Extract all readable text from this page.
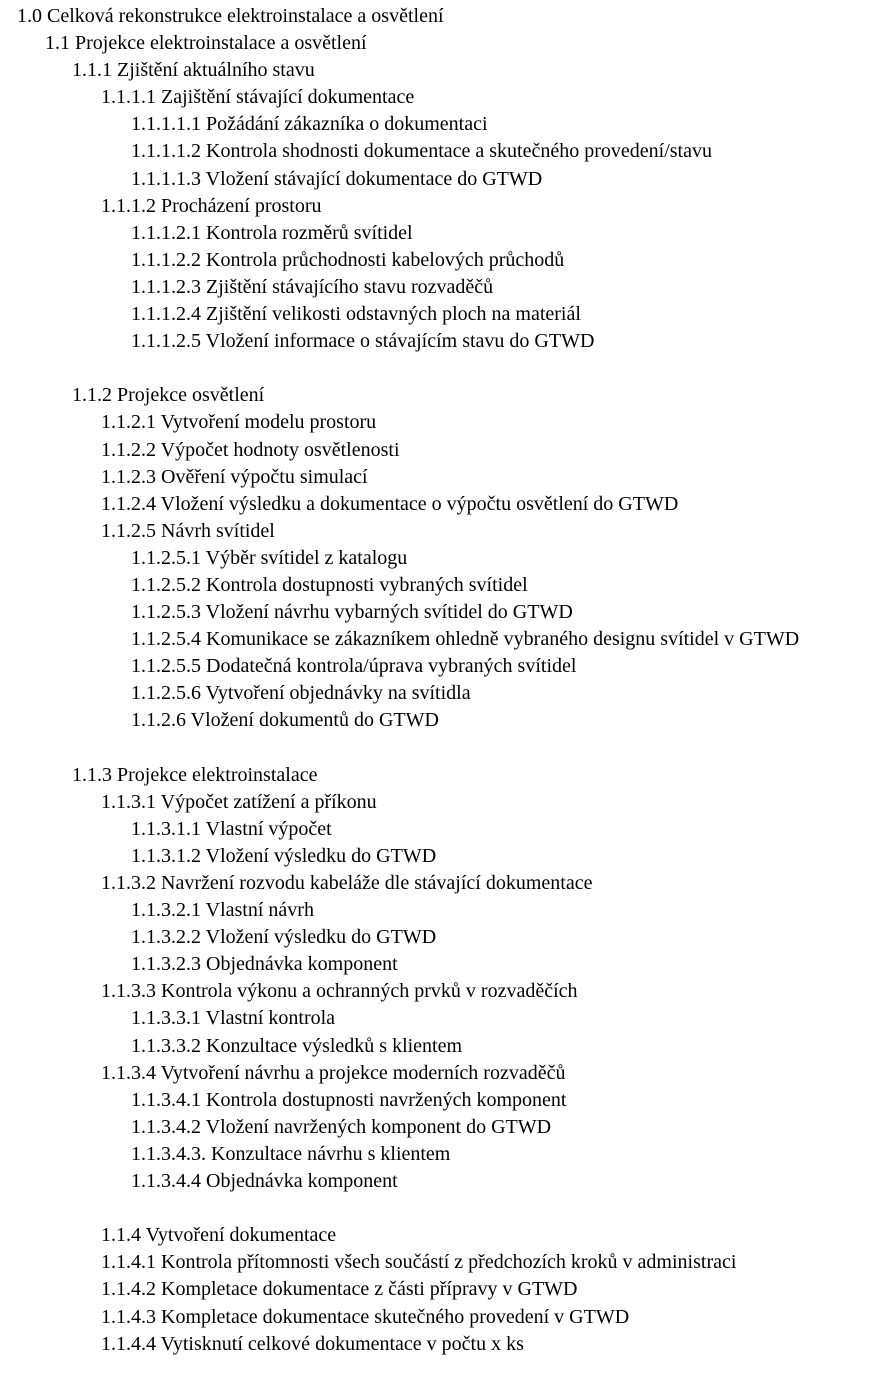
1.0 Celková rekonstrukce elektroinstalace a osvětlení
1.1 Projekce elektroinstalace a osvětlení
1.1.1 Zjištění aktuálního stavu
1.1.1.1 Zajištění stávající dokumentace
1.1.1.1.1 Požádání zákazníka o dokumentaci
1.1.1.1.2 Kontrola shodnosti dokumentace a skutečného provedení/stavu
1.1.1.1.3 Vložení stávající dokumentace do GTWD
1.1.1.2 Procházení prostoru
1.1.1.2.1 Kontrola rozměrů svítidel
1.1.1.2.2 Kontrola průchodnosti kabelových průchodů
1.1.1.2.3 Zjištění stávajícího stavu rozvaděčů
1.1.1.2.4 Zjištění velikosti odstavných ploch na materiál
1.1.1.2.5 Vložení informace o stávajícím stavu do GTWD
1.1.2 Projekce osvětlení
1.1.2.1 Vytvoření modelu prostoru
1.1.2.2 Výpočet hodnoty osvětlenosti
1.1.2.3 Ověření výpočtu simulací
1.1.2.4 Vložení výsledku a dokumentace o výpočtu osvětlení do GTWD
1.1.2.5 Návrh svítidel
1.1.2.5.1 Výběr svítidel z katalogu
1.1.2.5.2 Kontrola dostupnosti vybraných svítidel
1.1.2.5.3 Vložení návrhu vybarných svítidel do GTWD
1.1.2.5.4 Komunikace se zákazníkem ohledně vybraného designu svítidel v GTWD
1.1.2.5.5 Dodatečná kontrola/úprava vybraných svítidel
1.1.2.5.6 Vytvoření objednávky na svítidla
1.1.2.6 Vložení dokumentů do GTWD
1.1.3 Projekce elektroinstalace
1.1.3.1 Výpočet zatížení a příkonu
1.1.3.1.1 Vlastní výpočet
1.1.3.1.2 Vložení výsledku do GTWD
1.1.3.2 Navržení rozvodu kabeláže dle stávající dokumentace
1.1.3.2.1 Vlastní návrh
1.1.3.2.2 Vložení výsledku do GTWD
1.1.3.2.3 Objednávka komponent
1.1.3.3 Kontrola výkonu a ochranných prvků v rozvaděčích
1.1.3.3.1 Vlastní kontrola
1.1.3.3.2 Konzultace výsledků s klientem
1.1.3.4 Vytvoření návrhu a projekce moderních rozvaděčů
1.1.3.4.1 Kontrola dostupnosti navržených komponent
1.1.3.4.2 Vložení navržených komponent do GTWD
1.1.3.4.3. Konzultace návrhu s klientem
1.1.3.4.4 Objednávka komponent
1.1.4 Vytvoření dokumentace
1.1.4.1 Kontrola přítomnosti všech součástí z předchozích kroků v administraci
1.1.4.2 Kompletace dokumentace z části přípravy v GTWD
1.1.4.3 Kompletace dokumentace skutečného provedení v GTWD
1.1.4.4 Vytisknutí celkové dokumentace v počtu x ks
